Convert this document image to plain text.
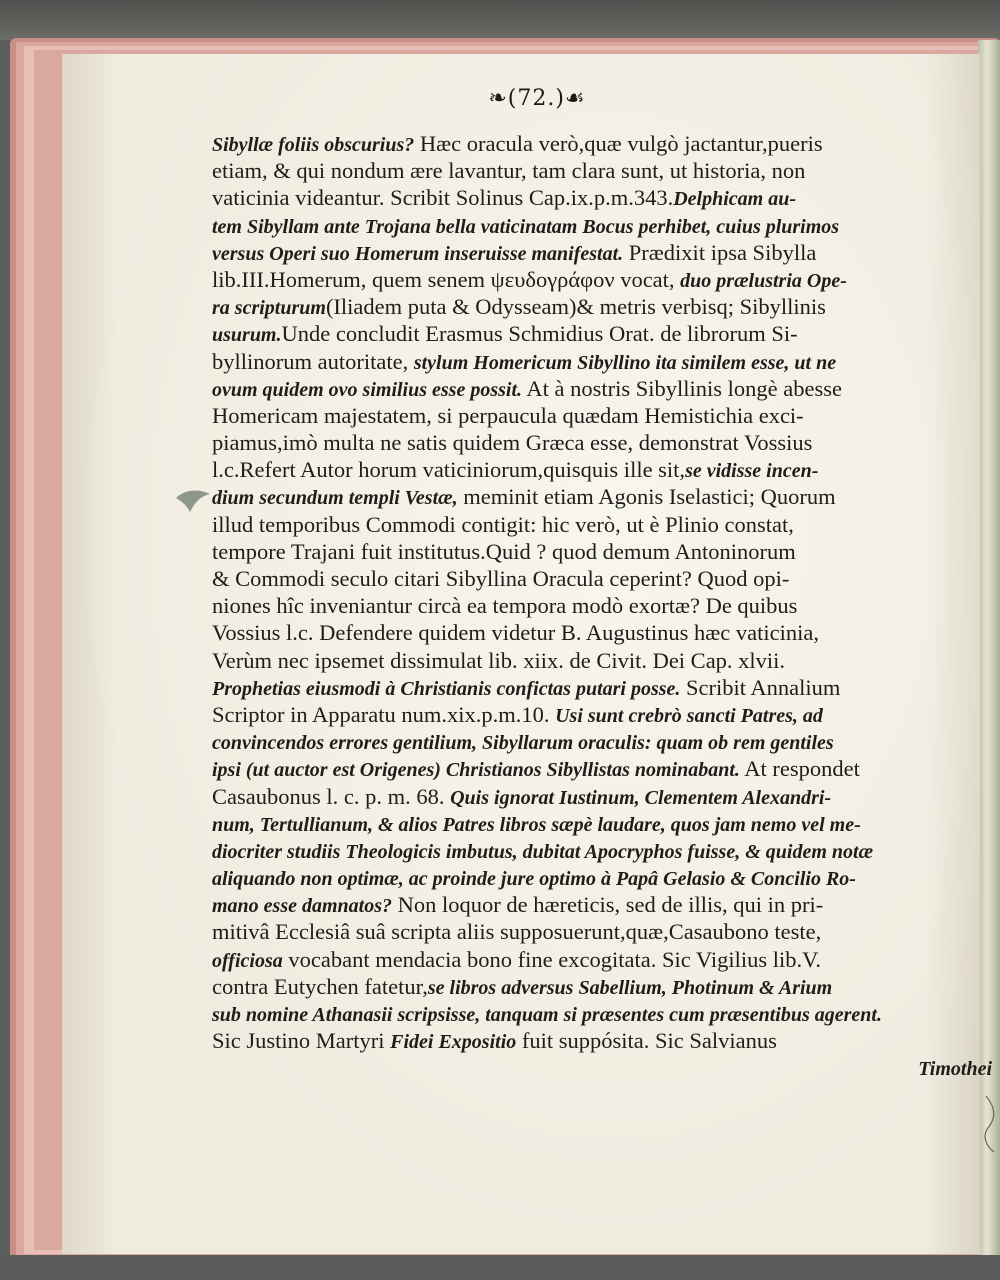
❧(72.)☙
Sibyllæ foliis obscurius? Hæc oracula verò,quæ vulgò jactantur,pueris
etiam, & qui nondum ære lavantur, tam clara sunt, ut historia, non
vaticinia videantur. Scribit Solinus Cap.ix.p.m.343.Delphicam au-
tem Sibyllam ante Trojana bella vaticinatam Bocus perhibet, cuius plurimos
versus Operi suo Homerum inseruisse manifestat. Prædixit ipsa Sibylla
lib.III.Homerum, quem senem ψευδογράφον vocat, duo prælustria Ope-
ra scripturum(Iliadem puta & Odysseam)& metris verbisq; Sibyllinis
usurum.Unde concludit Erasmus Schmidius Orat. de librorum Si-
byllinorum autoritate, stylum Homericum Sibyllino ita similem esse, ut ne
ovum quidem ovo similius esse possit. At à nostris Sibyllinis longè abesse
Homericam majestatem, si perpaucula quædam Hemistichia exci-
piamus,imò multa ne satis quidem Græca esse, demonstrat Vossius
l.c.Refert Autor horum vaticiniorum,quisquis ille sit,se vidisse incen-
dium secundum templi Vestæ, meminit etiam Agonis Iselastici; Quorum
illud temporibus Commodi contigit: hic verò, ut è Plinio constat,
tempore Trajani fuit institutus.Quid ? quod demum Antoninorum
& Commodi seculo citari Sibyllina Oracula ceperint? Quod opi-
niones hîc inveniantur circà ea tempora modò exortæ? De quibus
Vossius l.c. Defendere quidem videtur B. Augustinus hæc vaticinia,
Verùm nec ipsemet dissimulat lib. xiix. de Civit. Dei Cap. xlvii.
Prophetias eiusmodi à Christianis confictas putari posse. Scribit Annalium
Scriptor in Apparatu num.xix.p.m.10. Usi sunt crebrò sancti Patres, ad
convincendos errores gentilium, Sibyllarum oraculis: quam ob rem gentiles
ipsi (ut auctor est Origenes) Christianos Sibyllistas nominabant. At respondet
Casaubonus l. c. p. m. 68. Quis ignorat Iustinum, Clementem Alexandri-
num, Tertullianum, & alios Patres libros sæpè laudare, quos jam nemo vel me-
diocriter studiis Theologicis imbutus, dubitat Apocryphos fuisse, & quidem notæ
aliquando non optimæ, ac proinde jure optimo à Papâ Gelasio & Concilio Ro-
mano esse damnatos? Non loquor de hæreticis, sed de illis, qui in pri-
mitivâ Ecclesiâ suâ scripta aliis supposuerunt,quæ,Casaubono teste,
officiosa vocabant mendacia bono fine excogitata. Sic Vigilius lib.V.
contra Eutychen fatetur,se libros adversus Sabellium, Photinum & Arium
sub nomine Athanasii scripsisse, tanquam si præsentes cum præsentibus agerent.
Sic Justino Martyri Fidei Expositio fuit suppósita. Sic Salvianus
Timothei
